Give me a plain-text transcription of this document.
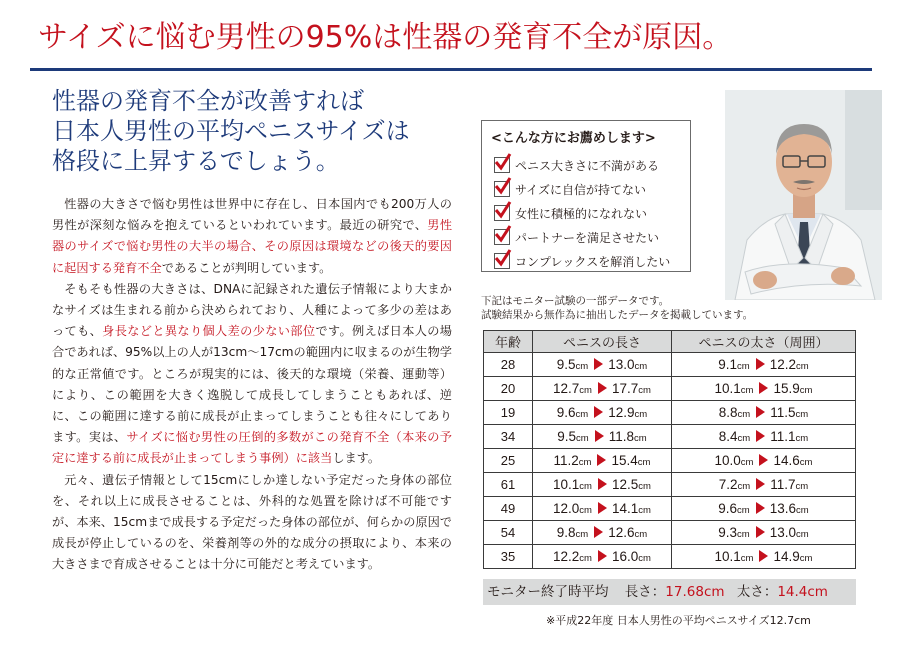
サイズに悩む男性の95%は性器の発育不全が原因。
性器の発育不全が改善すれば
日本人男性の平均ペニスサイズは
格段に上昇するでしょう。

性器の大きさで悩む男性は世界中に存在し、日本国内でも200万人の男性が深刻な悩みを抱えているといわれています。最近の研究で、男性器のサイズで悩む男性の大半の場合、その原因は環境などの後天的要因に起因する発育不全であることが判明しています。

そもそも性器の大きさは、DNAに記録された遺伝子情報により大まかなサイズは生まれる前から決められており、人種によって多少の差はあっても、身長などと異なり個人差の少ない部位です。例えば日本人の場合であれば、95%以上の人が13cm～17cmの範囲内に収まるのが生物学的な正常値です。ところが現実的には、後天的な環境（栄養、運動等）により、この範囲を大きく逸脱して成長してしまうこともあれば、逆に、この範囲に達する前に成長が止まってしまうことも往々にしてあります。実は、サイズに悩む男性の圧倒的多数がこの発育不全（本来の予定に達する前に成長が止まってしまう事例）に該当します。

元々、遺伝子情報として15cmにしか達しない予定だった身体の部位を、それ以上に成長させることは、外科的な処置を除けば不可能ですが、本来、15cmまで成長する予定だった身体の部位が、何らかの原因で成長が停止しているのを、栄養剤等の外的な成分の摂取により、本来の大きさまで育成させることは十分に可能だと考えています。

<こんな方にお薦めします>
ペニス大きさに不満がある
サイズに自信が持てない
女性に積極的になれない
パートナーを満足させたい
コンプレックスを解消したい
下記はモニター試験の一部データです。
試験結果から無作為に抽出したデータを掲載しています。
年齢	ペニスの長さ	ペニスの太さ（周囲）
28	9.5cm 13.0cm	9.1cm 12.2cm
20	12.7cm 17.7cm	10.1cm 15.9cm
19	9.6cm 12.9cm	8.8cm 11.5cm
34	9.5cm 11.8cm	8.4cm 11.1cm
25	11.2cm 15.4cm	10.0cm 14.6cm
61	10.1cm 12.5cm	7.2cm 11.7cm
49	12.0cm 14.1cm	9.6cm 13.6cm
54	9.8cm 12.6cm	9.3cm 13.0cm
35	12.2cm 16.0cm	10.1cm 14.9cm
モニター終了時平均 長さ：17.68cm 太さ：14.4cm
※平成22年度 日本人男性の平均ペニスサイズ12.7cm
